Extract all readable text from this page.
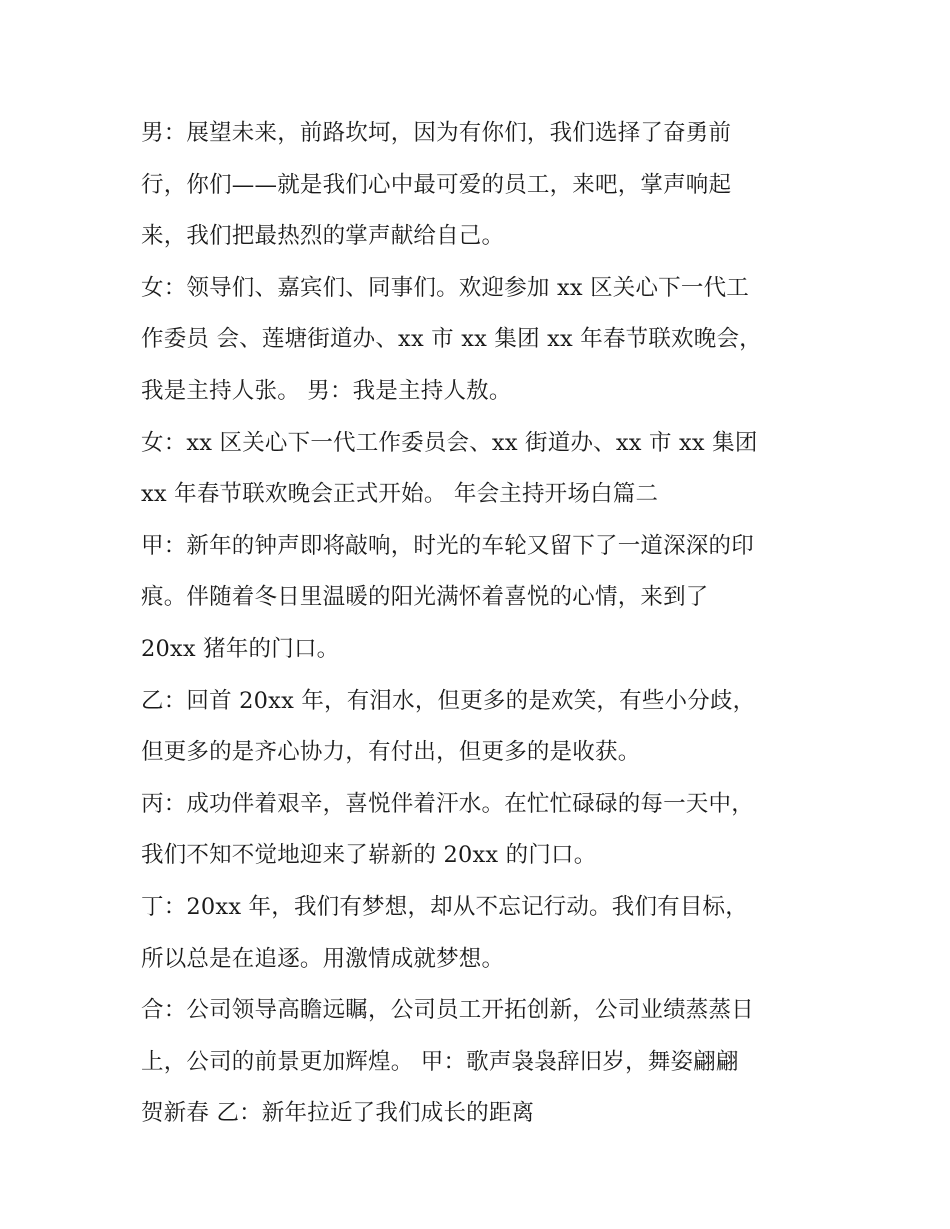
男：展望未来，前路坎坷，因为有你们，我们选择了奋勇前
行，你们——就是我们心中最可爱的员工，来吧，掌声响起
来，我们把最热烈的掌声献给自己。
女：领导们、嘉宾们、同事们。欢迎参加 xx 区关心下一代工
作委员 会、莲塘街道办、xx 市 xx 集团 xx 年春节联欢晚会，
我是主持人张。 男：我是主持人敖。
女：xx 区关心下一代工作委员会、xx 街道办、xx 市 xx 集团
xx 年春节联欢晚会正式开始。 年会主持开场白篇二
甲：新年的钟声即将敲响，时光的车轮又留下了一道深深的印
痕。伴随着冬日里温暖的阳光满怀着喜悦的心情，来到了
20xx 猪年的门口。
乙：回首 20xx 年，有泪水，但更多的是欢笑，有些小分歧，
但更多的是齐心协力，有付出，但更多的是收获。
丙：成功伴着艰辛，喜悦伴着汗水。在忙忙碌碌的每一天中，
我们不知不觉地迎来了崭新的 20xx 的门口。
丁：20xx 年，我们有梦想，却从不忘记行动。我们有目标，
所以总是在追逐。用激情成就梦想。
合：公司领导高瞻远瞩，公司员工开拓创新，公司业绩蒸蒸日
上，公司的前景更加辉煌。 甲：歌声袅袅辞旧岁，舞姿翩翩
贺新春 乙：新年拉近了我们成长的距离
